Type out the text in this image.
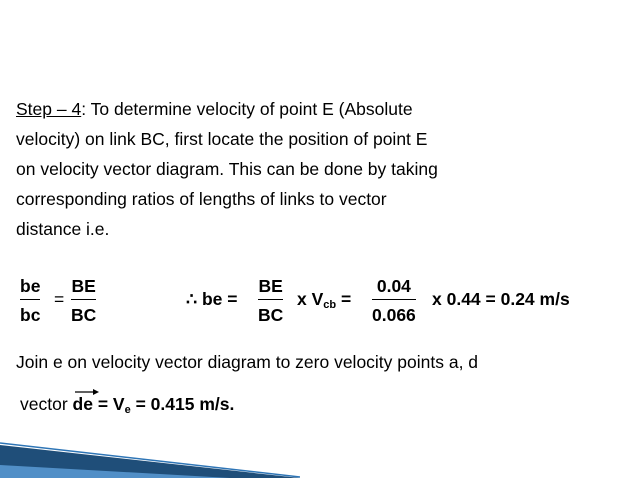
Step – 4: To determine velocity of point E (Absolute

velocity) on link BC, first locate the position of point E

on velocity vector diagram. This can be done by taking

corresponding ratios of lengths of links to vector

distance i.e.

be
bc
=
BE
BC
∴ be =
BE
BC
x $V_{cb}$ =
0.04
0.066
x 0.44 = 0.24 m/s
Join e on velocity vector diagram to zero velocity points a, d
vector
de = $V_e = 0.415$ m/s.
